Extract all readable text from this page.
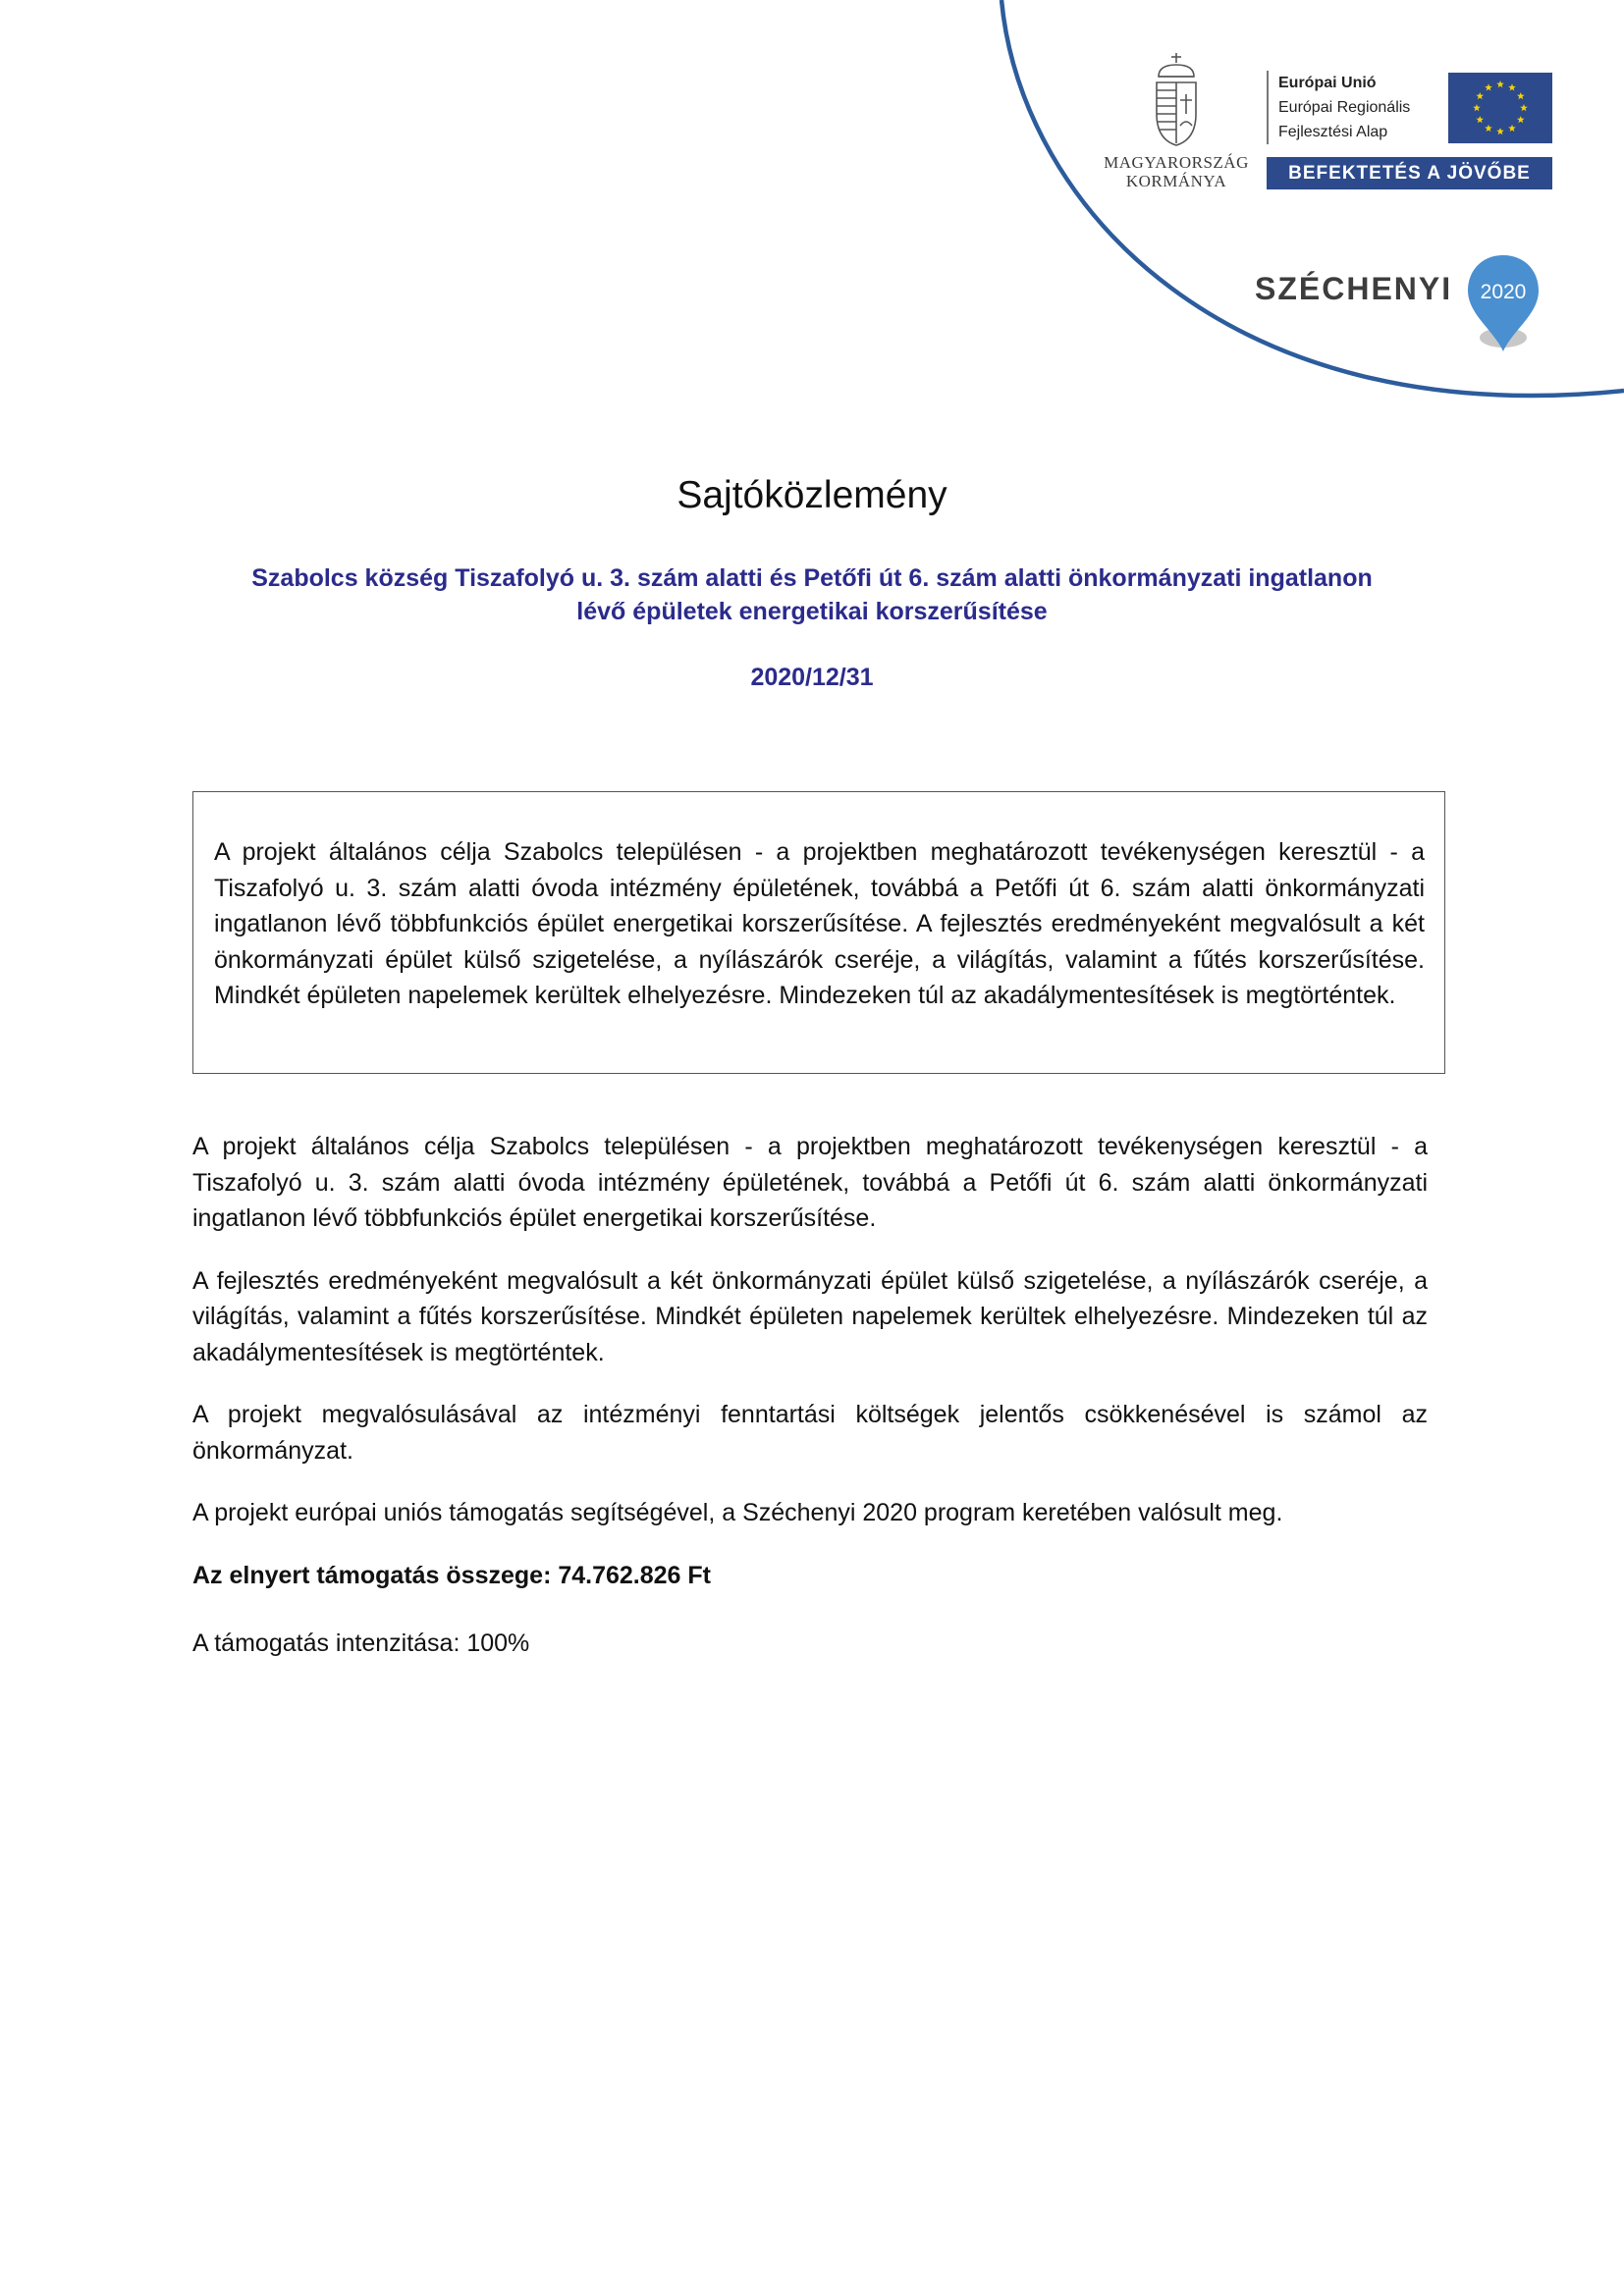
MAGYARORSZÁG
KORMÁNYA
Európai Unió
Európai Regionális
Fejlesztési Alap
BEFEKTETÉS A JÖVŐBE
SZÉCHENYI 2020
Sajtóközlemény
Szabolcs község Tiszafolyó u. 3. szám alatti és Petőfi út 6. szám alatti önkormányzati ingatlanon lévő épületek energetikai korszerűsítése
2020/12/31
A projekt általános célja Szabolcs településen - a projektben meghatározott tevékenységen keresztül - a Tiszafolyó u. 3. szám alatti óvoda intézmény épületének, továbbá a Petőfi út 6. szám alatti önkormányzati ingatlanon lévő többfunkciós épület energetikai korszerűsítése. A fejlesztés eredményeként megvalósult a két önkormányzati épület külső szigetelése, a nyílászárók cseréje, a világítás, valamint a fűtés korszerűsítése. Mindkét épületen napelemek kerültek elhelyezésre. Mindezeken túl az akadálymentesítések is megtörténtek.

A projekt általános célja Szabolcs településen - a projektben meghatározott tevékenységen keresztül - a Tiszafolyó u. 3. szám alatti óvoda intézmény épületének, továbbá a Petőfi út 6. szám alatti önkormányzati ingatlanon lévő többfunkciós épület energetikai korszerűsítése.

A fejlesztés eredményeként megvalósult a két önkormányzati épület külső szigetelése, a nyílászárók cseréje, a világítás, valamint a fűtés korszerűsítése. Mindkét épületen napelemek kerültek elhelyezésre. Mindezeken túl az akadálymentesítések is megtörténtek.

A projekt megvalósulásával az intézményi fenntartási költségek jelentős csökkenésével is számol az önkormányzat.

A projekt európai uniós támogatás segítségével, a Széchenyi 2020 program keretében valósult meg.

Az elnyert támogatás összege: 74.762.826 Ft

A támogatás intenzitása: 100%
